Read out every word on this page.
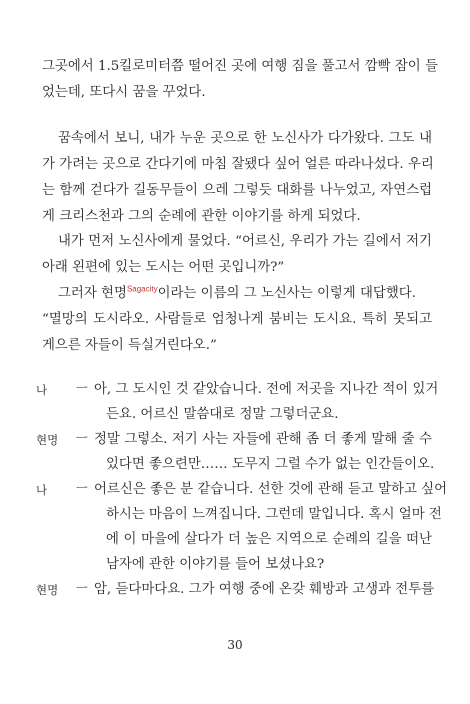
그곳에서 1.5킬로미터쯤 떨어진 곳에 여행 짐을 풀고서 깜빡 잠이 들
었는데, 또다시 꿈을 꾸었다.
꿈속에서 보니, 내가 누운 곳으로 한 노신사가 다가왔다. 그도 내
가 가려는 곳으로 간다기에 마침 잘됐다 싶어 얼른 따라나섰다. 우리
는 함께 걷다가 길동무들이 으레 그렇듯 대화를 나누었고, 자연스럽
게 크리스천과 그의 순례에 관한 이야기를 하게 되었다.
내가 먼저 노신사에게 물었다. “어르신, 우리가 가는 길에서 저기
아래 왼편에 있는 도시는 어떤 곳입니까?”
그러자 현명$^{Sagacity}$이라는 이름의 그 노신사는 이렇게 대답했다.
“멸망의 도시라오. 사람들로 엄청나게 붐비는 도시요. 특히 못되고
게으른 자들이 득실거린다오.”
나 ㅡ 아, 그 도시인 것 같았습니다. 전에 저곳을 지나간 적이 있거
든요. 어르신 말씀대로 정말 그렇더군요.
현명 ㅡ 정말 그렇소. 저기 사는 자들에 관해 좀 더 좋게 말해 줄 수
있다면 좋으련만…… 도무지 그럴 수가 없는 인간들이오.
나 ㅡ 어르신은 좋은 분 같습니다. 선한 것에 관해 듣고 말하고 싶어
하시는 마음이 느껴집니다. 그런데 말입니다. 혹시 얼마 전
에 이 마을에 살다가 더 높은 지역으로 순례의 길을 떠난
남자에 관한 이야기를 들어 보셨나요?
현명 ㅡ 암, 듣다마다요. 그가 여행 중에 온갖 훼방과 고생과 전투를
30
